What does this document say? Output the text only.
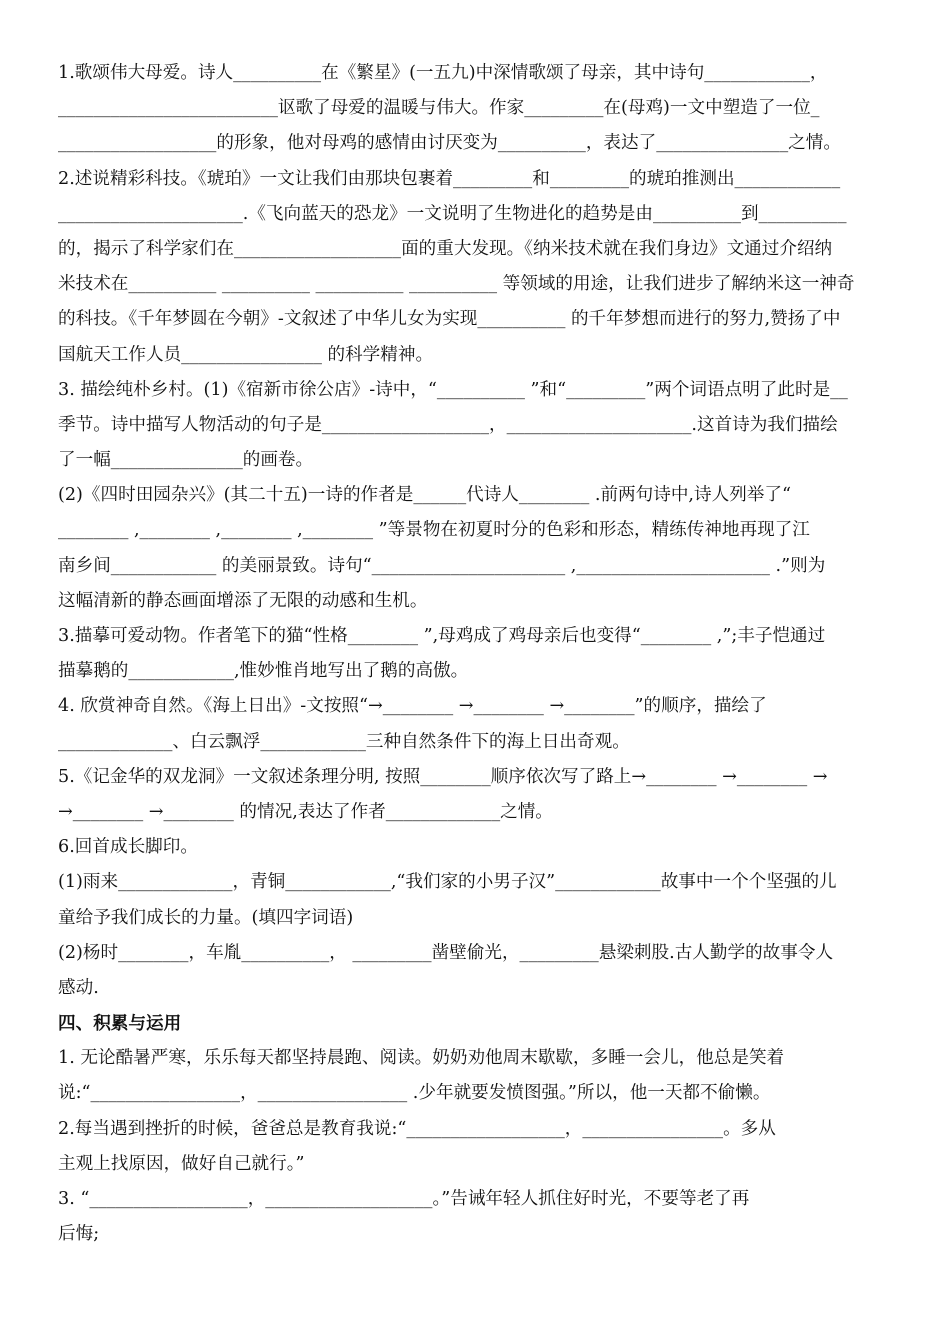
1.歌颂伟大母爱。诗人__________在《繁星》(一五九)中深情歌颂了母亲，其中诗句____________，
_________________________讴歌了母爱的温暖与伟大。作家_________在(母鸡)一文中塑造了一位_
__________________的形象，他对母鸡的感情由讨厌变为__________，表达了_______________之情。
2.述说精彩科技。《琥珀》一文让我们由那块包裹着_________和_________的琥珀推测出____________
_____________________.《飞向蓝天的恐龙》一文说明了生物进化的趋势是由__________到__________
的，揭示了科学家们在___________________面的重大发现。《纳米技术就在我们身边》文通过介绍纳
米技术在__________ __________ __________ __________ 等领域的用途，让我们进步了解纳米这一神奇
的科技。《千年梦圆在今朝》-文叙述了中华儿女为实现__________ 的千年梦想而进行的努力,赞扬了中
国航天工作人员________________ 的科学精神。
3. 描绘纯朴乡村。(1)《宿新市徐公店》-诗中，“__________ ”和“_________”两个词语点明了此时是__
季节。诗中描写人物活动的句子是___________________，_____________________.这首诗为我们描绘
了一幅_______________的画卷。
(2)《四时田园杂兴》(其二十五)一诗的作者是______代诗人________ .前两句诗中,诗人列举了“
________ ,________ ,________ ,________ ”等景物在初夏时分的色彩和形态，精练传神地再现了江
南乡间____________ 的美丽景致。诗句“______________________ ,______________________ .”则为
这幅清新的静态画面增添了无限的动感和生机。
3.描摹可爱动物。作者笔下的猫“性格________ ”,母鸡成了鸡母亲后也变得“________ ,”;丰子恺通过
描摹鹅的____________,惟妙惟肖地写出了鹅的高傲。
4. 欣赏神奇自然。《海上日出》-文按照“→________ →________ →________”的顺序，描绘了
_____________、白云飘浮____________三种自然条件下的海上日出奇观。
5.《记金华的双龙洞》一文叙述条理分明, 按照________顺序依次写了路上→________ →________ →
→________ →________ 的情况,表达了作者_____________之情。
6.回首成长脚印。
(1)雨来_____________，青铜____________,“我们家的小男子汉”____________故事中一个个坚强的儿
童给予我们成长的力量。(填四字词语)
(2)杨时________，车胤__________， _________凿壁偷光，_________悬梁刺股.古人勤学的故事令人
感动.
四、积累与运用
1. 无论酷暑严寒，乐乐每天都坚持晨跑、阅读。奶奶劝他周末歇歇，多睡一会儿，他总是笑着
说:“_________________，_________________ .少年就要发愤图强。”所以，他一天都不偷懒。
2.每当遇到挫折的时候，爸爸总是教育我说:“__________________，________________。多从
主观上找原因，做好自己就行。”
3. “__________________，___________________。”告诫年轻人抓住好时光，不要等老了再
后悔;
